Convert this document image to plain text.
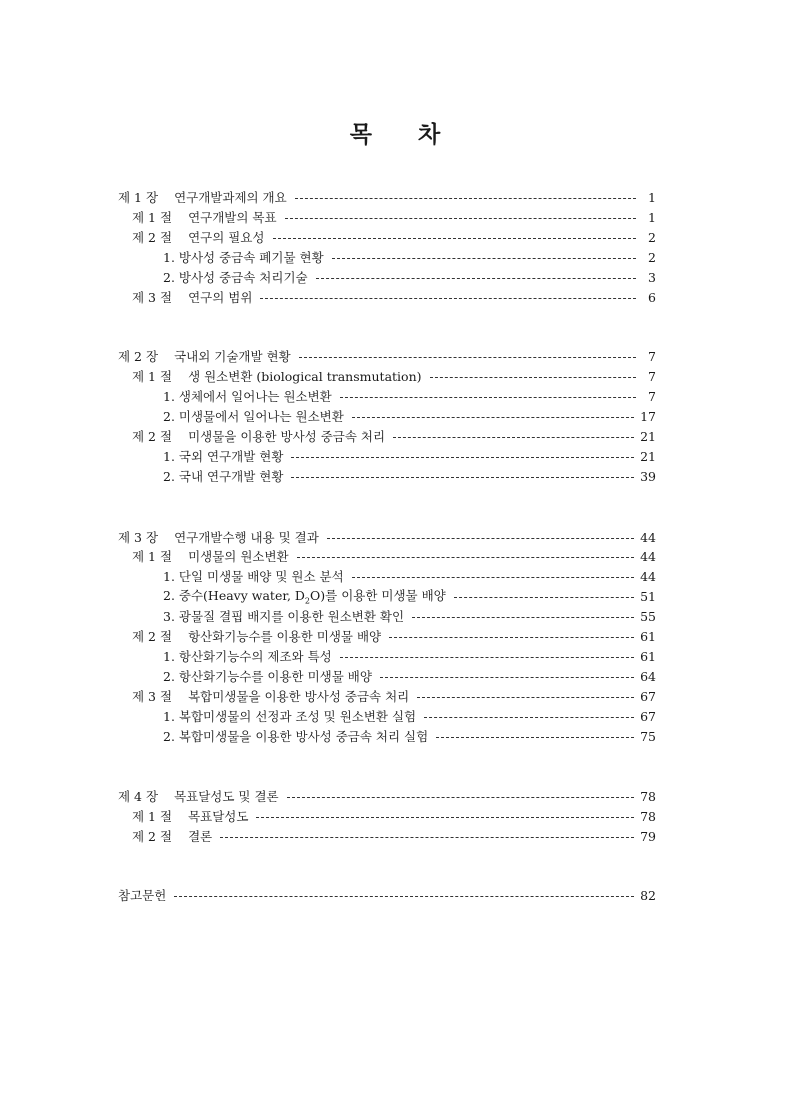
목 차
제 1 장 연구개발과제의 개요	1
제 1 절 연구개발의 목표	1
제 2 절 연구의 필요성	2
1. 방사성 중금속 폐기물 현황	2
2. 방사성 중금속 처리기술	3
제 3 절 연구의 범위	6
제 2 장 국내외 기술개발 현황	7
제 1 절 생 원소변환 (biological transmutation)	7
1. 생체에서 일어나는 원소변환	7
2. 미생물에서 일어나는 원소변환	17
제 2 절 미생물을 이용한 방사성 중금속 처리	21
1. 국외 연구개발 현황	21
2. 국내 연구개발 현황	39
제 3 장 연구개발수행 내용 및 결과	44
제 1 절 미생물의 원소변환	44
1. 단일 미생물 배양 및 원소 분석	44
2. 중수(Heavy water, $D_2O$)를 이용한 미생물 배양	51
3. 광물질 결핍 배지를 이용한 원소변환 확인	55
제 2 절 항산화기능수를 이용한 미생물 배양	61
1. 항산화기능수의 제조와 특성	61
2. 항산화기능수를 이용한 미생물 배양	64
제 3 절 복합미생물을 이용한 방사성 중금속 처리	67
1. 복합미생물의 선정과 조성 및 원소변환 실험	67
2. 복합미생물을 이용한 방사성 중금속 처리 실험	75
제 4 장 목표달성도 및 결론	78
제 1 절 목표달성도	78
제 2 절 결론	79
참고문헌	82
